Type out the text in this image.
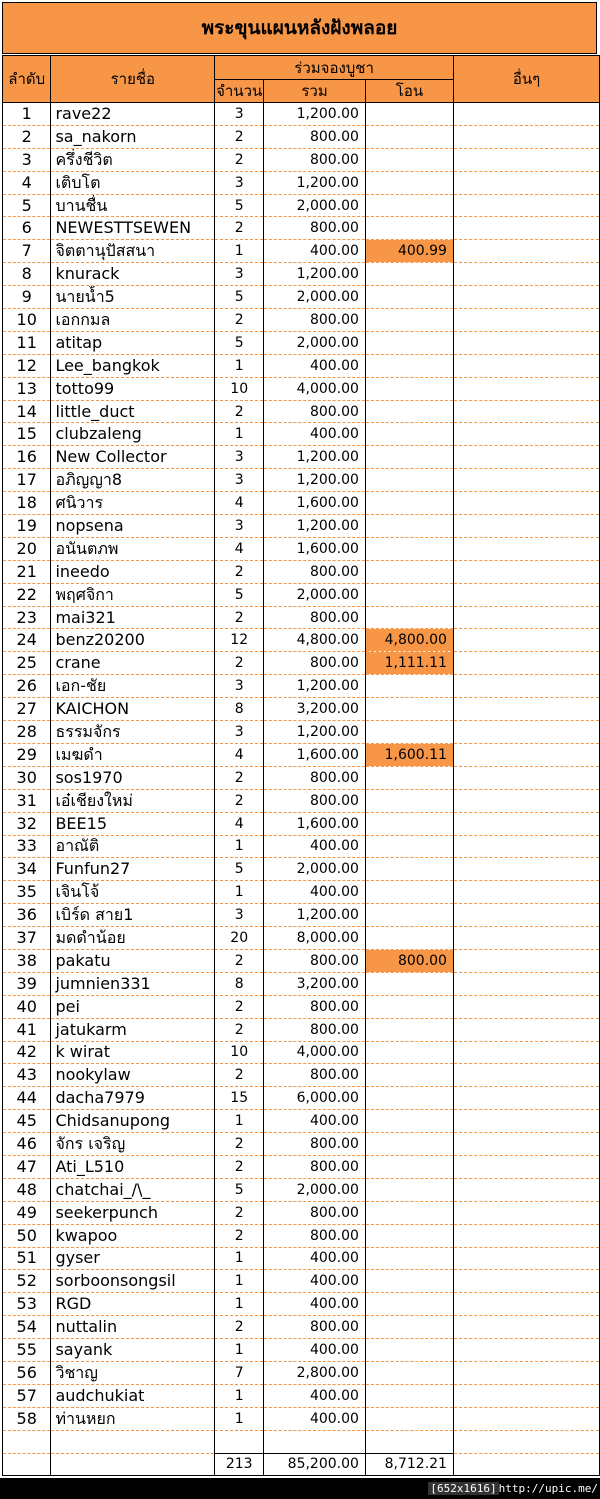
พระขุนแผนหลังฝังพลอย
ลำดับ	รายชื่อ	ร่วมจองบูชา			อื่นๆ
		จำนวน	รวม	โอน	
1	rave22	3	1,200.00		
2	sa_nakorn	2	800.00		
3	ครึ่งชีวิต	2	800.00		
4	เติบโต	3	1,200.00		
5	บานชื่น	5	2,000.00		
6	NEWESTTSEWEN	2	800.00		
7	จิตตานุปัสสนา	1	400.00	400.99	
8	knurack	3	1,200.00		
9	นายน้ำ5	5	2,000.00		
10	เอกกมล	2	800.00		
11	atitap	5	2,000.00		
12	Lee_bangkok	1	400.00		
13	totto99	10	4,000.00		
14	little_duct	2	800.00		
15	clubzaleng	1	400.00		
16	New Collector	3	1,200.00		
17	อภิญญา8	3	1,200.00		
18	ศนิวาร	4	1,600.00		
19	nopsena	3	1,200.00		
20	อนันตภพ	4	1,600.00		
21	ineedo	2	800.00		
22	พฤศจิกา	5	2,000.00		
23	mai321	2	800.00		
24	benz20200	12	4,800.00	4,800.00	
25	crane	2	800.00	1,111.11	
26	เอก-ชัย	3	1,200.00		
27	KAICHON	8	3,200.00		
28	ธรรมจักร	3	1,200.00		
29	เมฆดำ	4	1,600.00	1,600.11	
30	sos1970	2	800.00		
31	เอ๋เชียงใหม่	2	800.00		
32	BEE15	4	1,600.00		
33	อาณัติ	1	400.00		
34	Funfun27	5	2,000.00		
35	เจินโจ้	1	400.00		
36	เบิร์ด สาย1	3	1,200.00		
37	มดดำน้อย	20	8,000.00		
38	pakatu	2	800.00	800.00	
39	jumnien331	8	3,200.00		
40	pei	2	800.00		
41	jatukarm	2	800.00		
42	k wirat	10	4,000.00		
43	nookylaw	2	800.00		
44	dacha7979	15	6,000.00		
45	Chidsanupong	1	400.00		
46	จักร เจริญ	2	800.00		
47	Ati_L510	2	800.00		
48	chatchai_/\_	5	2,000.00		
49	seekerpunch	2	800.00		
50	kwapoo	2	800.00		
51	gyser	1	400.00		
52	sorboonsongsil	1	400.00		
53	RGD	1	400.00		
54	nuttalin	2	800.00		
55	sayank	1	400.00		
56	วิชาญ	7	2,800.00		
57	audchukiat	1	400.00		
58	ท่านหยก	1	400.00		

		213	85,200.00	8,712.21	
[652x1616] http://upic.me/
